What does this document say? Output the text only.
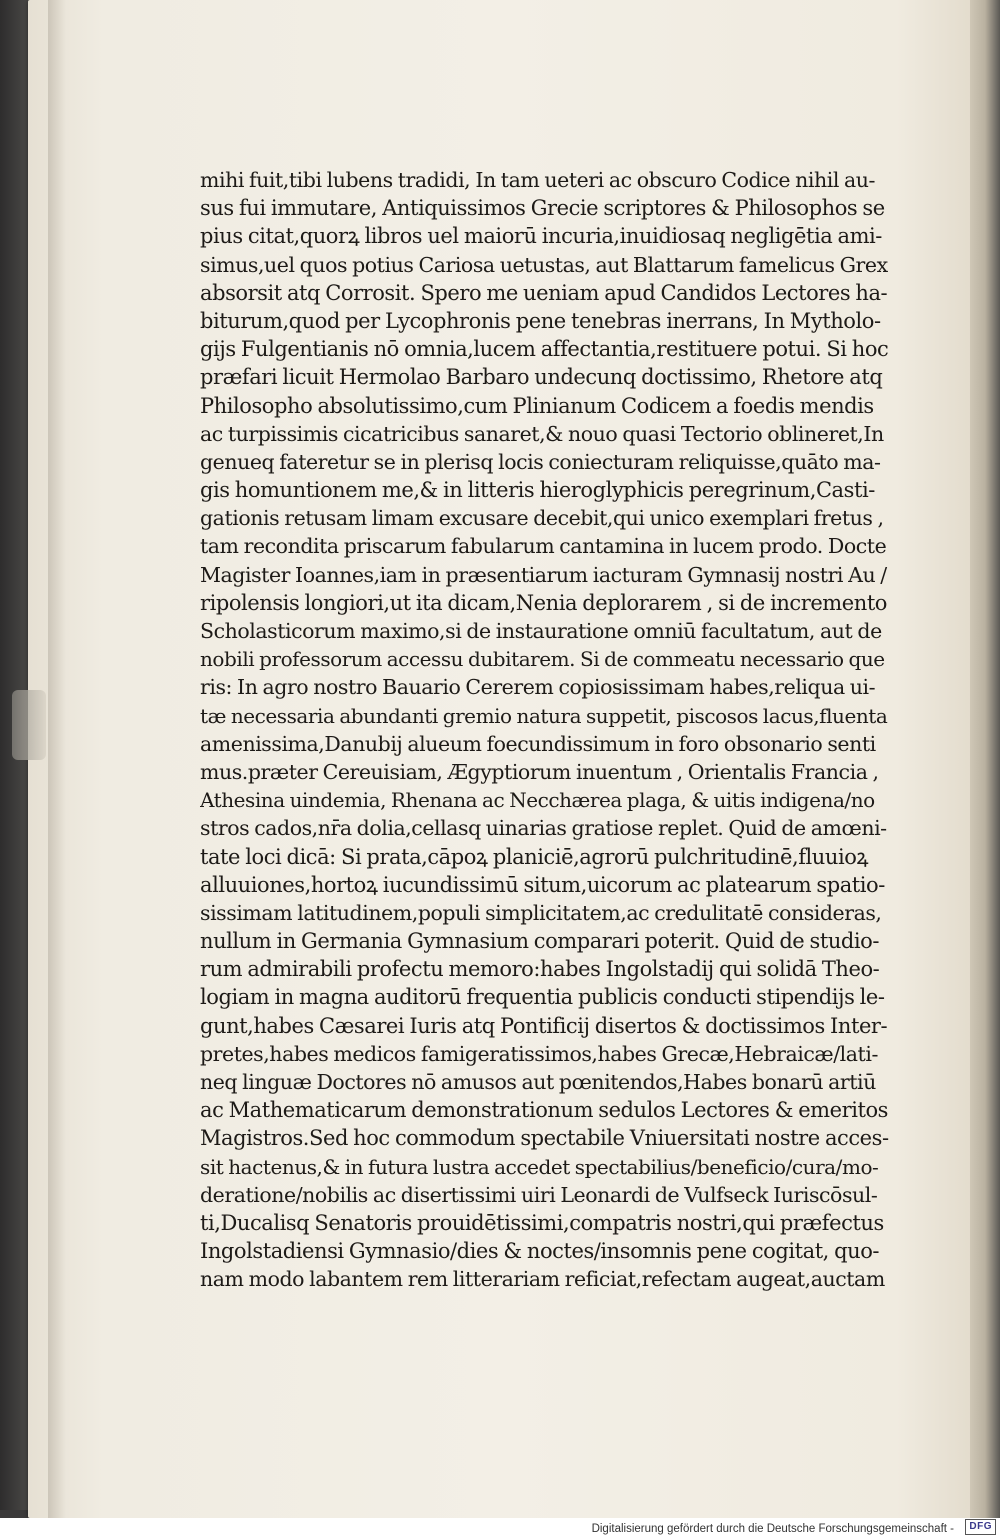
mihi fuit,tibi lubens tradidi, In tam ueteri ac obscuro Codice nihil au-
sus fui immutare, Antiquissimos Grecie scriptores & Philosophos se
pius citat,quorꝝ libros uel maiorū incuria,inuidiosaq negligētia ami-
simus,uel quos potius Cariosa uetustas, aut Blattarum famelicus Grex
absorsit atq Corrosit. Spero me ueniam apud Candidos Lectores ha-
biturum,quod per Lycophronis pene tenebras inerrans, In Mytholo-
gijs Fulgentianis nō omnia,lucem affectantia,restituere potui. Si hoc
præfari licuit Hermolao Barbaro undecunq doctissimo, Rhetore atq
Philosopho absolutissimo,cum Plinianum Codicem a foedis mendis
ac turpissimis cicatricibus sanaret,& nouo quasi Tectorio oblineret,In
genueq fateretur se in plerisq locis coniecturam reliquisse,quāto ma-
gis homuntionem me,& in litteris hieroglyphicis peregrinum,Casti-
gationis retusam limam excusare decebit,qui unico exemplari fretus ,
tam recondita priscarum fabularum cantamina in lucem prodo. Docte
Magister Ioannes,iam in præsentiarum iacturam Gymnasij nostri Au /
ripolensis longiori,ut ita dicam,Nenia deplorarem , si de incremento
Scholasticorum maximo,si de instauratione omniū facultatum, aut de
nobili professorum accessu dubitarem. Si de commeatu necessario que
ris: In agro nostro Bauario Cererem copiosissimam habes,reliqua ui-
tæ necessaria abundanti gremio natura suppetit, piscosos lacus,fluenta
amenissima,Danubij alueum foecundissimum in foro obsonario senti
mus.præter Cereuisiam, Ægyptiorum inuentum , Orientalis Francia ,
Athesina uindemia, Rhenana ac Necchærea plaga, & uitis indigena/no
stros cados,nr̄a dolia,cellasq uinarias gratiose replet. Quid de amœni-
tate loci dicā: Si prata,cāpoꝝ planiciē,agrorū pulchritudinē,fluuioꝝ
alluuiones,hortoꝝ iucundissimū situm,uicorum ac platearum spatio-
sissimam latitudinem,populi simplicitatem,ac credulitatē consideras,
nullum in Germania Gymnasium comparari poterit. Quid de studio-
rum admirabili profectu memoro:habes Ingolstadij qui solidā Theo-
logiam in magna auditorū frequentia publicis conducti stipendijs le-
gunt,habes Cæsarei Iuris atq Pontificij disertos & doctissimos Inter-
pretes,habes medicos famigeratissimos,habes Grecæ,Hebraicæ/lati-
neq linguæ Doctores nō amusos aut pœnitendos,Habes bonarū artiū
ac Mathematicarum demonstrationum sedulos Lectores & emeritos
Magistros.Sed hoc commodum spectabile Vniuersitati nostre acces-
sit hactenus,& in futura lustra accedet spectabilius/beneficio/cura/mo-
deratione/nobilis ac disertissimi uiri Leonardi de Vulfseck Iuriscōsul-
ti,Ducalisq Senatoris prouidētissimi,compatris nostri,qui præfectus
Ingolstadiensi Gymnasio/dies & noctes/insomnis pene cogitat, quo-
nam modo labantem rem litterariam reficiat,refectam augeat,auctam
Digitalisierung gefördert durch die Deutsche Forschungsgemeinschaft -	DFG
